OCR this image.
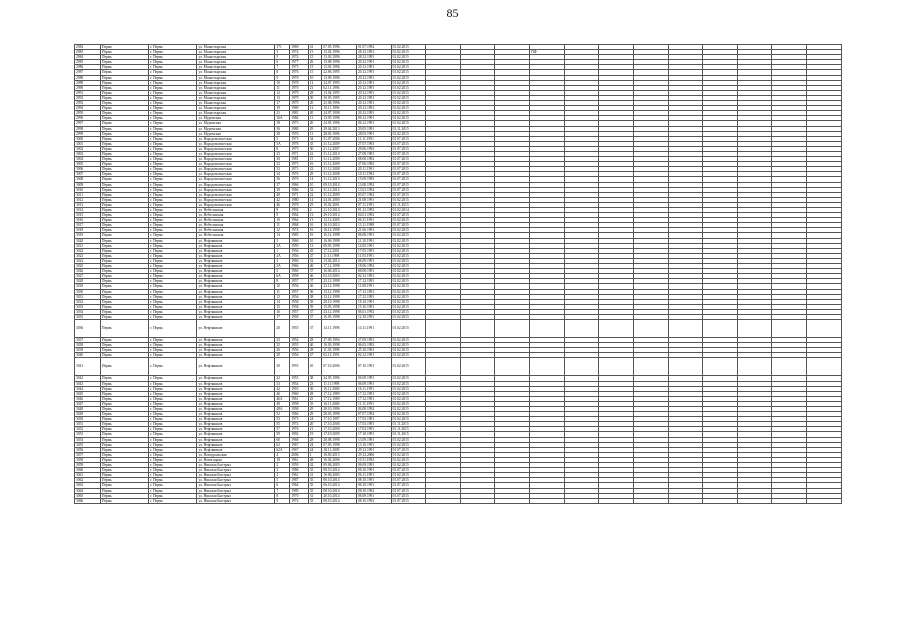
85
2982	Пермь	г. Пермь	ул. Монастырская	171	1969	41	07.05.1996	01.07.1992	01.02.2015												
2983	Пермь	г. Пермь	ул. Монастырская	3	1974	15	13.02.1996	28.12.1991	01.02.2015				ПФ								
2984	Пермь	г. Пермь	ул. Монастырская	5	1974	15	13.02.1996	28.12.1991	01.02.2015												
2985	Пермь	г. Пермь	ул. Монастырская	6	1977	26	15.08.1996	20.12.1991	01.02.2015												
2986	Пермь	г. Пермь	ул. Монастырская	7	1975	15	13.02.1996	20.12.1991	01.02.2015												
2987	Пермь	г. Пермь	ул. Монастырская	8	1976	15	22.06.1995	20.12.1991	01.02.2015												
2988	Пермь	г. Пермь	ул. Монастырская	9	1970	10	13.09.1996	20.12.1991	01.02.2015												
2989	Пермь	г. Пермь	ул. Монастырская	10	1978	12	24.07.1995	20.12.1991	01.02.2015												
2990	Пермь	г. Пермь	ул. Монастырская	11	1970	21	02.11.1996	20.12.1991	01.02.2015												
2991	Пермь	г. Пермь	ул. Монастырская	12	1979	28	13.04.1995	20.12.1991	01.02.2015												
2992	Пермь	г. Пермь	ул. Монастырская	13	1979	30	30.05.1995	20.12.1991	01.02.2015												
2993	Пермь	г. Пермь	ул. Монастырская	17	1979	20	23.08.1996	20.12.1991	01.02.2015												
2994	Пермь	г. Пермь	ул. Монастырская	19	1980	12	10.11.1996	20.12.1991	01.02.2015												
2995	Пермь	г. Пермь	ул. Монастырская	21	1981	20	24.07.1998	20.12.1991	01.02.2015												
2996	Пермь	г. Пермь	ул. Муромская	16А	1984	11	15.05.1996	06.12.1991	01.02.2015												
2997	Пермь	г. Пермь	ул. Муромская	18	1973	20	24.05.1996	06.12.1991	01.02.2015												
2998	Пермь	г. Пермь	ул. Муромская	36	1980	29	29.04.2013	29.05.1991	01.11.2015												
2999	Пермь	г. Пермь	ул. Муромская	38	1976	11	28.02.1996	28.03.1991	01.02.2015												
3000	Пермь	г. Пермь	ул. Народовольческая	5	1973	34	31.07.2006	11.11.1991	01.07.2015												
3001	Пермь	г. Пермь	ул. Народовольческая	5А	1978	35	31.12.2009	27.07.1993	01.07.2015												
3002	Пермь	г. Пермь	ул. Народовольческая	8	1975	30	21.12.2007	29.06.1992	01.07.2015												
3003	Пермь	г. Пермь	ул. Народовольческая	23	1971	22	31.12.2010	27.08.1991	01.07.2015												
3004	Пермь	г. Пермь	ул. Народовольческая	30	1981	15	31.12.2009	08.08.1992	01.07.2015												
3005	Пермь	г. Пермь	ул. Народовольческая	32	1975	16	31.12.2009	27.06.1992	01.07.2015												
3006	Пермь	г. Пермь	ул. Народовольческая	33	1971	22	31.12.2008	20.11.1991	01.07.2015												
3007	Пермь	г. Пермь	ул. Народовольческая	34	1976	29	31.12.2008	10.11.1992	01.07.2015												
3008	Пермь	г. Пермь	ул. Народовольческая	36	1976	14	31.12.2010	15.09.1993	01.07.2015												
3009	Пермь	г. Пермь	ул. Народовольческая	37	1966	10	09.10.2014	13.08.1992	01.07.2015												
3010	Пермь	г. Пермь	ул. Народовольческая	39	1966	32	31.12.2012	13.01.1992	01.07.2015												
3011	Пермь	г. Пермь	ул. Народовольческая	40	1971	22	31.12.2009	03.07.1992	01.07.2015												
3012	Пермь	г. Пермь	ул. Народовольческая	42	1980	14	24.01.2000	21.08.1991	01.02.2015												
3013	Пермь	г. Пермь	ул. Народовольческая	46	1978	25	10.02.2001	07.11.1991	01.11.2015												
3014	Пермь	г. Пермь	ул. Небесинская	9	1992	2	21.10.2014	01.12.1992	01.02.2014												
3015	Пермь	г. Пермь	ул. Небесинская	9	1964	13	29.10.2014	04.01.1992	01.07.2015												
3016	Пермь	г. Пермь	ул. Небесинская	10	1964	13	12.12.2005	06.11.1991	01.02.2015												
3017	Пермь	г. Пермь	ул. Небесинская	11	1968	16	16.10.2014	13.11.1998	01.07.2015												
3018	Пермь	г. Пермь	ул. Небесинская	12	1974	16	16.12.1998	21.06.1991	01.02.2015												
3019	Пермь	г. Пермь	ул. Небесинская	14	1983	16	16.12.1998	06.08.1991	01.02.2015												
3020	Пермь	г. Пермь	ул. Нефтяников	3	1960	10	16.06.1998	11.10.1991	01.02.2015												
3021	Пермь	г. Пермь	ул. Нефтяников	3А	1959	13	09.03.1998	14.05.1991	01.02.2015												
3022	Пермь	г. Пермь	ул. Нефтяников	1	1956	45	17.12.2001	17.05.1991	01.02.2015												
3023	Пермь	г. Пермь	ул. Нефтяников	2А	1956	47	11.11.1998	11.03.1991	01.02.2015												
3024	Пермь	г. Пермь	ул. Нефтяников	3	1960	52	13.04.2014	06.09.1991	01.02.2015												
3025	Пермь	г. Пермь	ул. Нефтяников	3А	1966	46	17.12.1998	18.06.1992	01.02.2015												
3026	Пермь	г. Пермь	ул. Нефтяников	5	1960	37	16.06.2014	08.08.1991	01.02.2015												
3027	Пермь	г. Пермь	ул. Нефтяников	6А	1958	46	02.10.2003	02.12.1991	01.02.2015												
3028	Пермь	г. Пермь	ул. Нефтяников	8	1957	37	23.12.1998	17.12.1991	01.02.2015												
3029	Пермь	г. Пермь	ул. Нефтяников	10	1956	46	23.12.1998	11.08.1991	01.02.2015												
3030	Пермь	г. Пермь	ул. Нефтяников	11	1957	36	13.12.1998	17.12.1991	01.02.2015												
3031	Пермь	г. Пермь	ул. Нефтяников	12	1956	38	13.12.1998	17.12.1991	01.02.2015												
3032	Пермь	г. Пермь	ул. Нефтяников	14	1958	39	20.10.1998	18.10.1991	01.02.2015												
3033	Пермь	г. Пермь	ул. Нефтяников	15	1958	39	15.05.1998	15.10.1991	01.02.2015												
3034	Пермь	г. Пермь	ул. Нефтяников	16	1957	37	23.12.1998	06.01.1992	01.02.2015												
3035	Пермь	г. Пермь	ул. Нефтяников	17	1958	37	16.05.1998	12.10.1991	01.02.2015												
3036	Пермь	г. Пермь	ул. Нефтяников	20	1955	37	14.11.1998	14.11.1991	01.02.2015												
3037	Пермь	г. Пермь	ул. Нефтяников	23	1954	28	27.09.1994	27.09.1991	01.02.2015												
3038	Пермь	г. Пермь	ул. Нефтяников	25	1955	40	16.03.1998	06.03.1992	01.02.2015												
3039	Пермь	г. Пермь	ул. Нефтяников	26	1956	28	11.03.1998	25.10.1991	01.02.2015												
3040	Пермь	г. Пермь	ул. Нефтяников	29	1956	47	02.12.1991	02.12.1991	01.02.2015												
3041	Пермь	г. Пермь	ул. Нефтяников	30	1955	45	07.10.2006	07.10.1991	01.02.2015												
3042	Пермь	г. Пермь	ул. Нефтяников	32	1955	38	24.05.1996	06.09.1991	01.02.2015												
3043	Пермь	г. Пермь	ул. Нефтяников	33	1954	23	11.11.1998	06.09.1991	01.02.2015												
3044	Пермь	г. Пермь	ул. Нефтяников	42	1955	36	16.11.2000	16.11.1991	01.02.2015												
3045	Пермь	г. Пермь	ул. Нефтяников	46	1960	28	17.12.1989	17.12.1991	01.02.2015												
3046	Пермь	г. Пермь	ул. Нефтяников	46А	1961	25	17.12.1989	17.12.1991	01.02.2015												
3047	Пермь	г. Пермь	ул. Нефтяников	48	1958	35	16.11.2000	11.11.1991	01.02.2015												
3048	Пермь	г. Пермь	ул. Нефтяников	48А	1958	29	28.10.1996	04.08.1992	01.02.2015												
3049	Пермь	г. Пермь	ул. Нефтяников	52	1966	29	28.03.1998	07.07.1992	01.02.2015												
3050	Пермь	г. Пермь	ул. Нефтяников	53	1973	24	17.10.1997	17.03.1991	01.02.2015												
3051	Пермь	г. Пермь	ул. Нефтяников	55	1974	20	17.10.2000	17.03.1991	01.11.2015												
3052	Пермь	г. Пермь	ул. Нефтяников	57	1976	21	17.10.2000	17.03.1991	01.11.2015												
3053	Пермь	г. Пермь	ул. Нефтяников	59	1992	19	17.10.2009	17.10.1991	01.11.2015												
3054	Пермь	г. Пермь	ул. Нефтяников	60	1968	28	28.08.1998	13.09.1991	01.02.2015												
3055	Пермь	г. Пермь	ул. Нефтяников	62	1967	24	07.05.1998	13.10.1991	01.02.2015												
3056	Пермь	г. Пермь	ул. Нефтяников	62А	1967	24	18.11.2009	29.12.1991	01.07.2015												
3057	Пермь	г. Пермь	ул. Новоуральская	4	2006	1	16.03.2013	29.12.2006	01.02.2015												
3058	Пермь	г. Пермь	ул. Новогодняя	18	1961	48	16.02.2006	10.11.1992	01.02.2015												
3059	Пермь	г. Пермь	ул. Николая Быстрых	2	1959	42	09.06.2003	06.09.1991	01.02.2015												
3060	Пермь	г. Пермь	ул. Николая Быстрых	3	1986	35	08.10.2014	08.10.1991	01.07.2015												
3061	Пермь	г. Пермь	ул. Николая Быстрых	4	1961	41	16.06.2003	06.11.1991	01.02.2015												
3062	Пермь	г. Пермь	ул. Николая Быстрых	5	1987	35	08.10.2014	08.10.1991	01.07.2015												
3063	Пермь	г. Пермь	ул. Николая Быстрых	6	1964	35	06.10.2014	06.10.1991	01.07.2015												
3064	Пермь	г. Пермь	ул. Николая Быстрых	7	1989	35	08.10.2014	08.10.1992	01.07.2015												
3065	Пермь	г. Пермь	ул. Николая Быстрых	8	1970	31	20.10.2014	06.09.1991	01.07.2015												
3066	Пермь	г. Пермь	ул. Николая Быстрых	9	1974	33	08.10.2014	08.10.1992	01.07.2015												
